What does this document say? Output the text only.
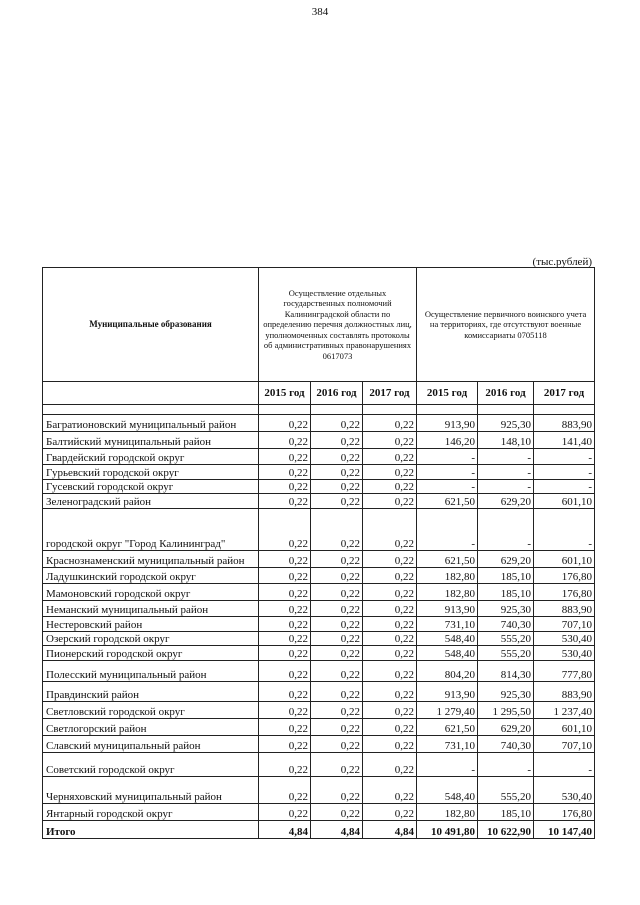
384
(тыс.рублей)
Муниципальные образования	Осуществление отдельных государственных полномочий Калининградской области по определению перечня должностных лиц, уполномоченных составлять протоколы об административных правонарушениях 0617073			Осуществление первичного воинского учета на территориях, где отсутствуют военные комиссариаты 0705118		
	2015 год	2016 год	2017 год	2015 год	2016 год	2017 год

Багратионовский муниципальный район	0,22	0,22	0,22	913,90	925,30	883,90
Балтийский муниципальный район	0,22	0,22	0,22	146,20	148,10	141,40
Гвардейский городской округ	0,22	0,22	0,22	-	-	-
Гурьевский городской округ	0,22	0,22	0,22	-	-	-
Гусевский городской округ	0,22	0,22	0,22	-	-	-
Зеленоградский район	0,22	0,22	0,22	621,50	629,20	601,10
городской округ "Город Калининград"	0,22	0,22	0,22	-	-	-
Краснознаменский муниципальный район	0,22	0,22	0,22	621,50	629,20	601,10
Ладушкинский городской округ	0,22	0,22	0,22	182,80	185,10	176,80
Мамоновский городской округ	0,22	0,22	0,22	182,80	185,10	176,80
Неманский муниципальный район	0,22	0,22	0,22	913,90	925,30	883,90
Нестеровский район	0,22	0,22	0,22	731,10	740,30	707,10
Озерский городской округ	0,22	0,22	0,22	548,40	555,20	530,40
Пионерский городской округ	0,22	0,22	0,22	548,40	555,20	530,40
Полесский муниципальный район	0,22	0,22	0,22	804,20	814,30	777,80
Правдинский район	0,22	0,22	0,22	913,90	925,30	883,90
Светловский городской округ	0,22	0,22	0,22	1 279,40	1 295,50	1 237,40
Светлогорский район	0,22	0,22	0,22	621,50	629,20	601,10
Славский муниципальный район	0,22	0,22	0,22	731,10	740,30	707,10
Советский городской округ	0,22	0,22	0,22	-	-	-
Черняховский муниципальный район	0,22	0,22	0,22	548,40	555,20	530,40
Янтарный городской округ	0,22	0,22	0,22	182,80	185,10	176,80
Итого	4,84	4,84	4,84	10 491,80	10 622,90	10 147,40
